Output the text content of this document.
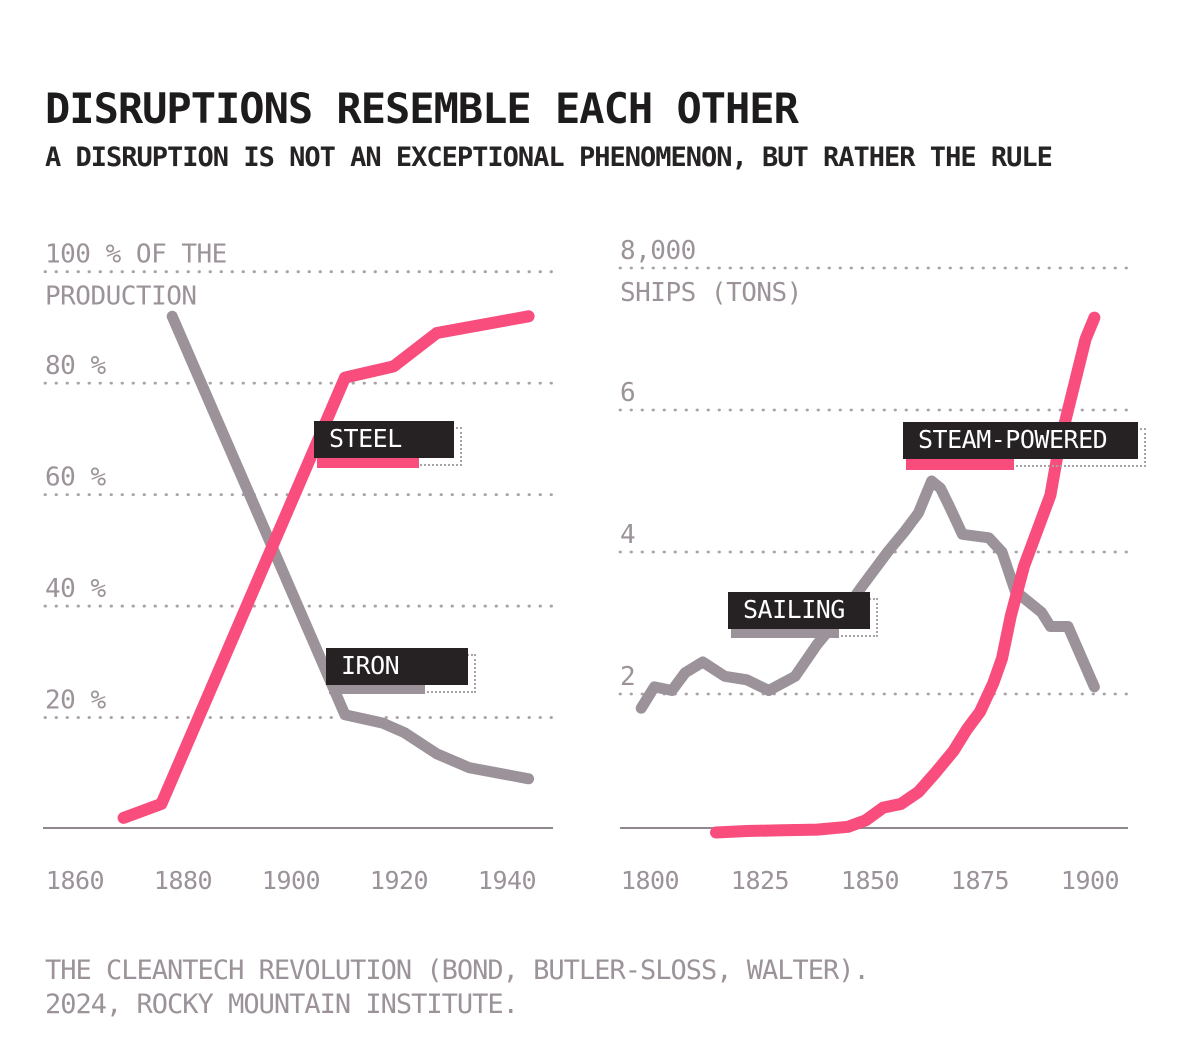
DISRUPTIONS RESEMBLE EACH OTHER
A DISRUPTION IS NOT AN EXCEPTIONAL PHENOMENON, BUT RATHER THE RULE
100 % OF THE
PRODUCTION
80 %
60 %
40 %
20 %
1860 1880 1900 1920 1940
8,000
SHIPS (TONS)
6
4
2
1800 1825 1850 1875 1900
IRON
STEEL
SAILING
STEAM-POWERED
THE CLEANTECH REVOLUTION (BOND, BUTLER-SLOSS, WALTER).
2024, ROCKY MOUNTAIN INSTITUTE.
